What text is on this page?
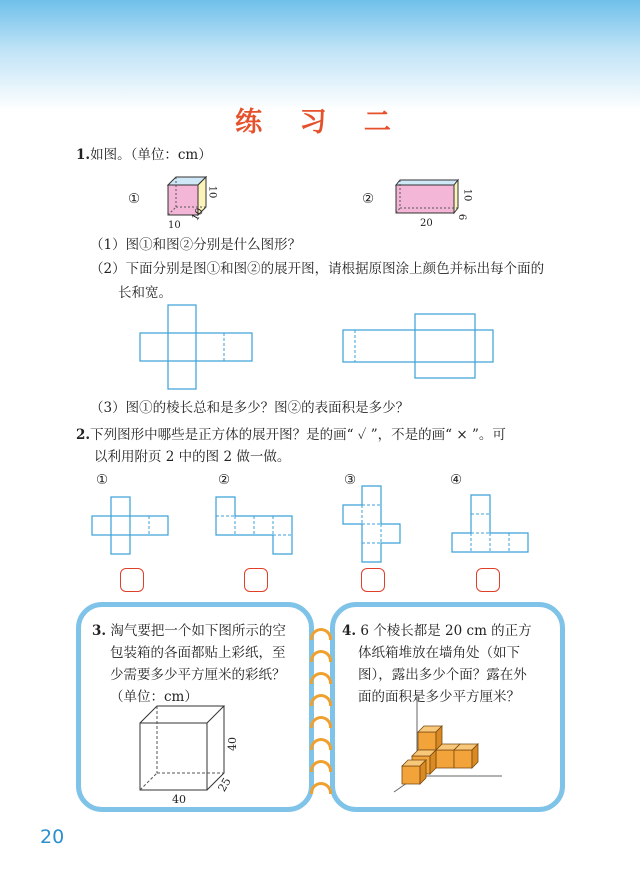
练 习 二
1.如图。（单位：cm）
①
10
10
10
②
20
10
6
（1）图①和图②分别是什么图形？
（2）下面分别是图①和图②的展开图，请根据原图涂上颜色并标出每个面的
长和宽。
（3）图①的棱长总和是多少？图②的表面积是多少？
2.下列图形中哪些是正方体的展开图？是的画“ ✓ ”，不是的画“ × ”。可
以利用附页 2 中的图 2 做一做。
①	②	③	④
3. 淘气要把一个如下图所示的空
包装箱的各面都贴上彩纸，至
少需要多少平方厘米的彩纸？
（单位：cm）
40
40
25
4. 6 个棱长都是 20 cm 的正方
体纸箱堆放在墙角处（如下
图），露出多少个面？露在外
面的面积是多少平方厘米？
20
